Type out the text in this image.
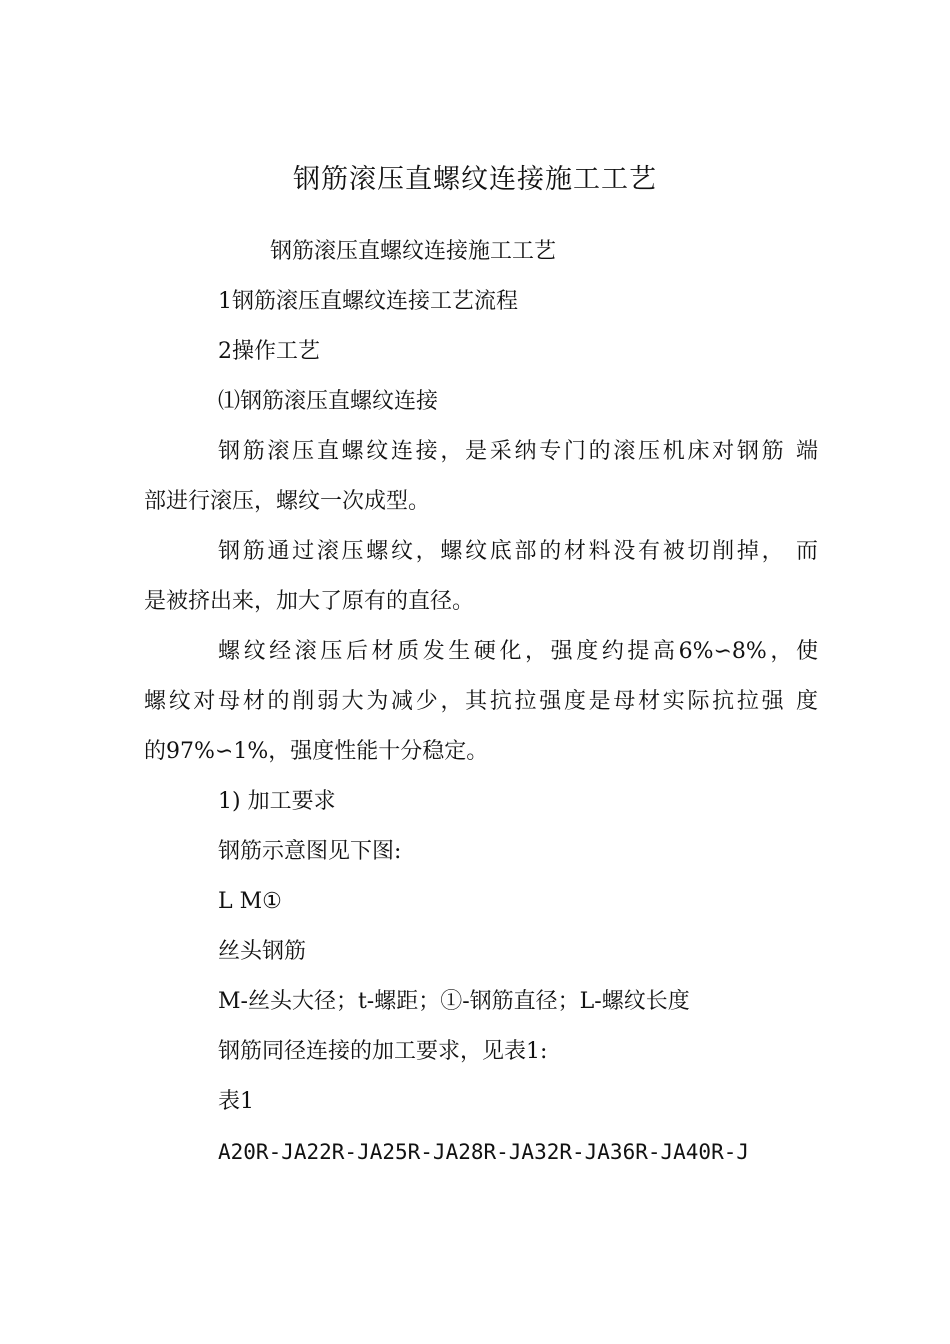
钢筋滚压直螺纹连接施工工艺
钢筋滚压直螺纹连接施工工艺
1钢筋滚压直螺纹连接工艺流程
2操作工艺
⑴钢筋滚压直螺纹连接
钢筋滚压直螺纹连接，是采纳专门的滚压机床对钢筋 端
部进行滚压，螺纹一次成型。
钢筋通过滚压螺纹，螺纹底部的材料没有被切削掉， 而
是被挤出来，加大了原有的直径。
螺纹经滚压后材质发生硬化，强度约提高6%∽8%，使
螺纹对母材的削弱大为减少，其抗拉强度是母材实际抗拉强 度
的97%∽1%，强度性能十分稳定。
1) 加工要求
钢筋示意图见下图:
L M①
丝头钢筋
M-丝头大径；t-螺距；①-钢筋直径；L-螺纹长度
钢筋同径连接的加工要求，见表1:
表1
A20R-JA22R-JA25R-JA28R-JA32R-JA36R-JA40R-J
